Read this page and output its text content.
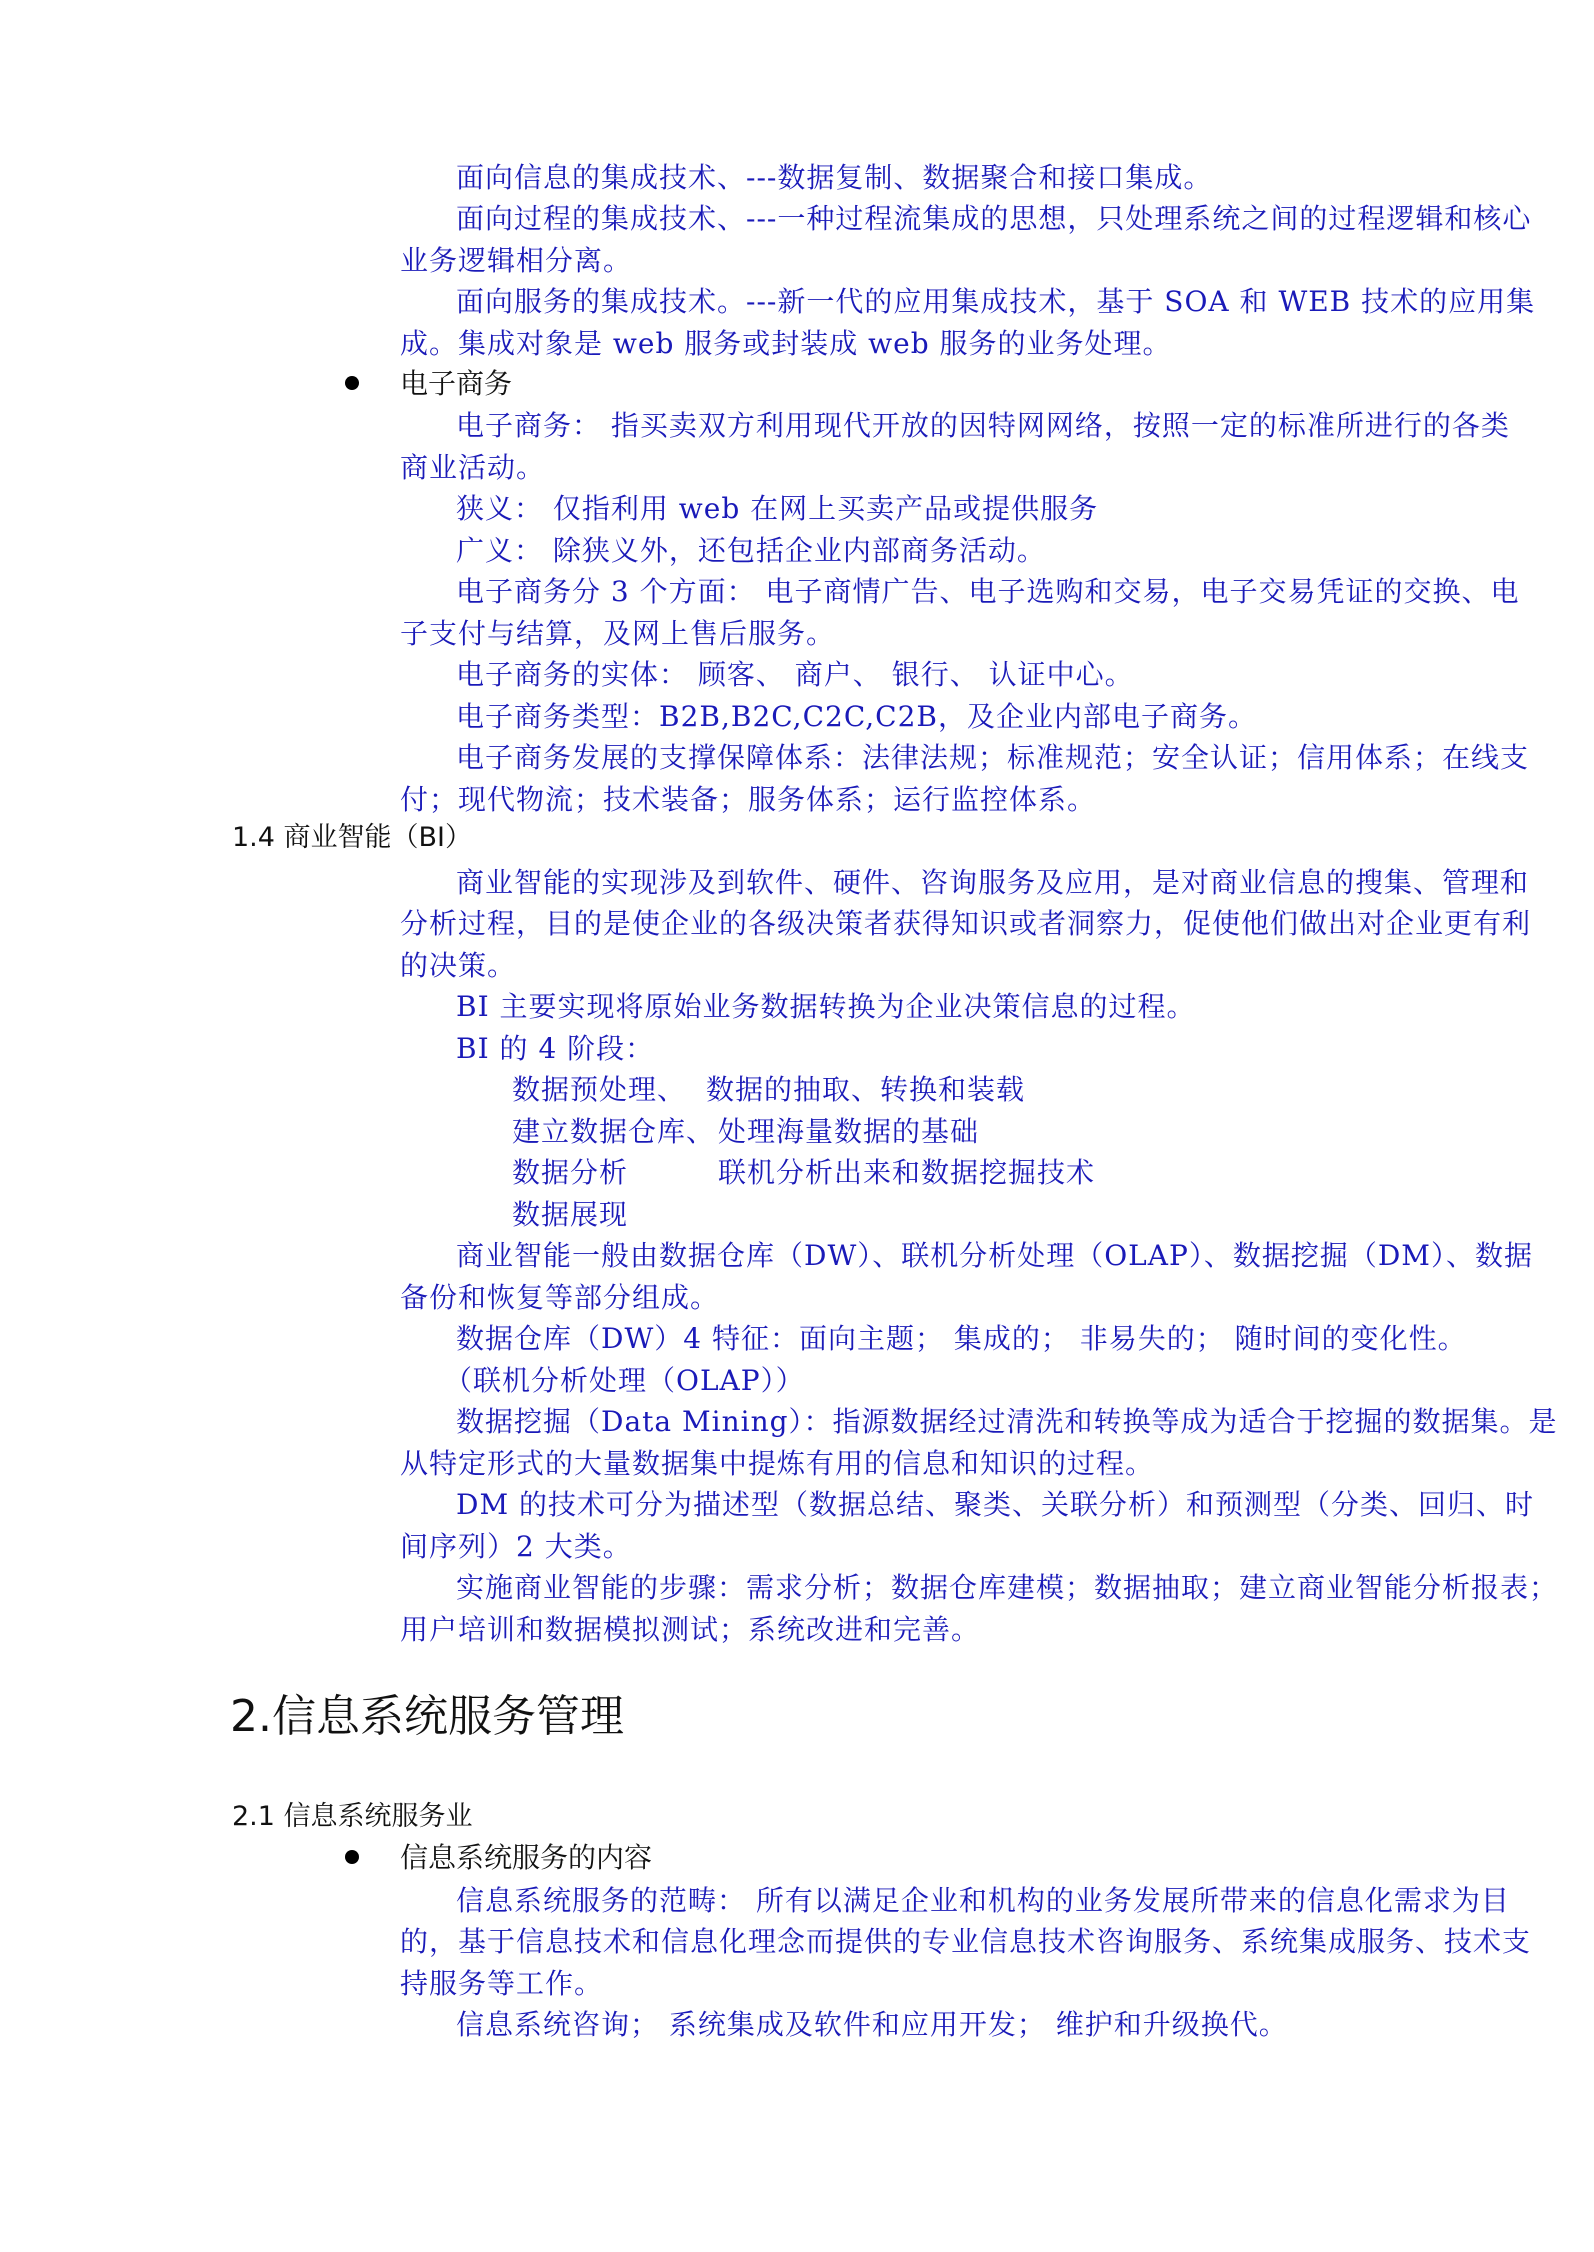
面向信息的集成技术、---数据复制、数据聚合和接口集成。
面向过程的集成技术、---一种过程流集成的思想，只处理系统之间的过程逻辑和核心
业务逻辑相分离。
面向服务的集成技术。---新一代的应用集成技术，基于 SOA 和 WEB 技术的应用集
成。集成对象是 web 服务或封装成 web 服务的业务处理。
电子商务
电子商务： 指买卖双方利用现代开放的因特网网络，按照一定的标准所进行的各类
商业活动。
狭义： 仅指利用 web 在网上买卖产品或提供服务
广义： 除狭义外，还包括企业内部商务活动。
电子商务分 3 个方面： 电子商情广告、电子选购和交易，电子交易凭证的交换、电
子支付与结算，及网上售后服务。
电子商务的实体： 顾客、 商户、 银行、 认证中心。
电子商务类型：B2B,B2C,C2C,C2B，及企业内部电子商务。
电子商务发展的支撑保障体系：法律法规；标准规范；安全认证；信用体系；在线支
付；现代物流；技术装备；服务体系；运行监控体系。
1.4 商业智能（BI）
商业智能的实现涉及到软件、硬件、咨询服务及应用，是对商业信息的搜集、管理和
分析过程，目的是使企业的各级决策者获得知识或者洞察力，促使他们做出对企业更有利
的决策。
BI 主要实现将原始业务数据转换为企业决策信息的过程。
BI 的 4 阶段：
数据预处理、 数据的抽取、转换和装载
建立数据仓库、 处理海量数据的基础
数据分析	联机分析出来和数据挖掘技术
数据展现
商业智能一般由数据仓库（DW）、联机分析处理（OLAP）、数据挖掘（DM）、数据
备份和恢复等部分组成。
数据仓库（DW）4 特征：面向主题； 集成的； 非易失的； 随时间的变化性。
（联机分析处理（OLAP））
数据挖掘（Data Mining）：指源数据经过清洗和转换等成为适合于挖掘的数据集。是
从特定形式的大量数据集中提炼有用的信息和知识的过程。
DM 的技术可分为描述型（数据总结、聚类、关联分析）和预测型（分类、回归、时
间序列）2 大类。
实施商业智能的步骤：需求分析；数据仓库建模；数据抽取；建立商业智能分析报表；
用户培训和数据模拟测试；系统改进和完善。
2.信息系统服务管理
2.1 信息系统服务业
信息系统服务的内容
信息系统服务的范畴： 所有以满足企业和机构的业务发展所带来的信息化需求为目
的，基于信息技术和信息化理念而提供的专业信息技术咨询服务、系统集成服务、技术支
持服务等工作。
信息系统咨询； 系统集成及软件和应用开发； 维护和升级换代。
